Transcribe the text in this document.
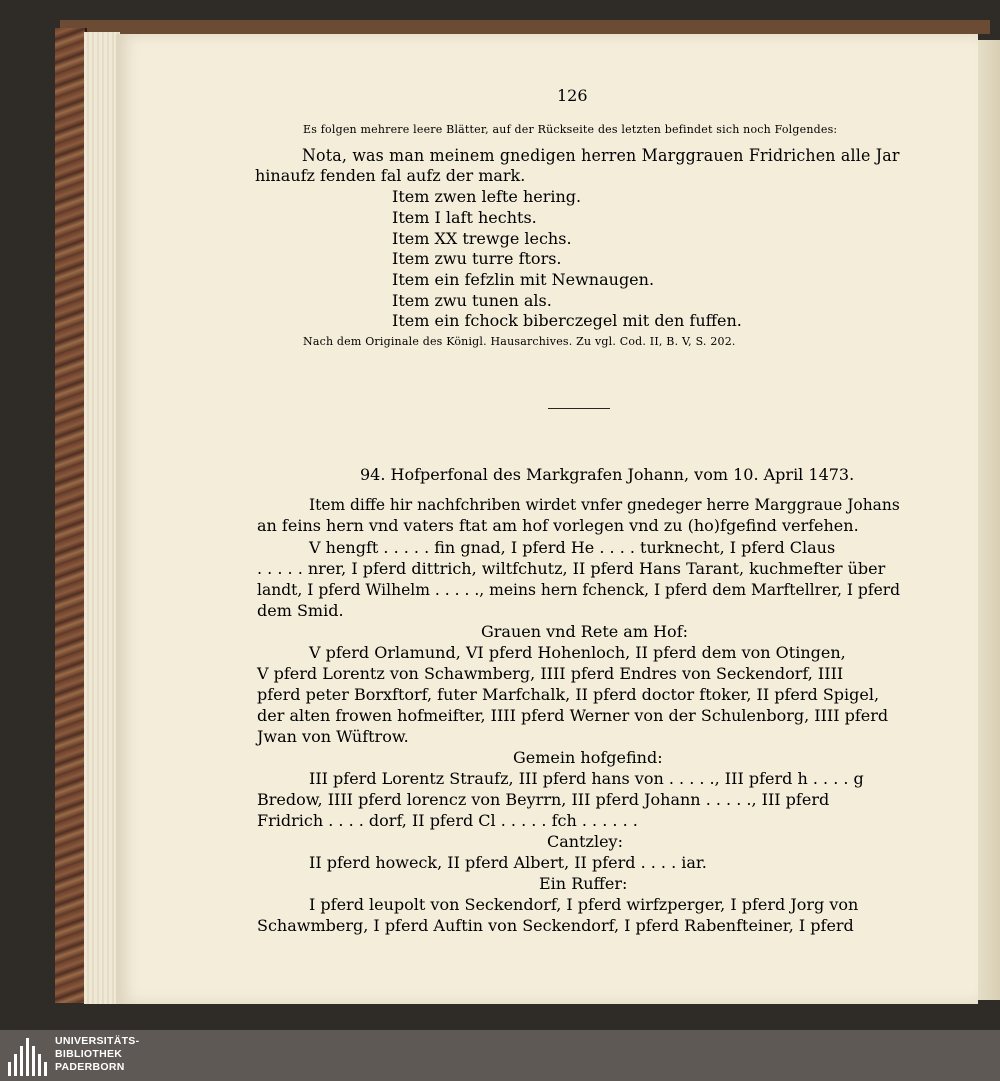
126
Es folgen mehrere leere Blätter, auf der Rückseite des letzten befindet sich noch Folgendes:
Nota, was man meinem gnedigen herren Marggrauen Fridrichen alle Jar
hinaufz fenden fal aufz der mark.
Item zwen lefte hering.
Item I laft hechts.
Item XX trewge lechs.
Item zwu turre ftors.
Item ein fefzlin mit Newnaugen.
Item zwu tunen als.
Item ein fchock biberczegel mit den fuffen.
Nach dem Originale des Königl. Hausarchives. Zu vgl. Cod. II, B. V, S. 202.
94. Hofperfonal des Markgrafen Johann, vom 10. April 1473.
Item diffe hir nachfchriben wirdet vnfer gnedeger herre Marggraue Johans
an feins hern vnd vaters ftat am hof vorlegen vnd zu (ho)fgefind verfehen.
V hengft . . . . . fin gnad, I pferd He . . . . turknecht, I pferd Claus
. . . . . nrer, I pferd dittrich, wiltfchutz, II pferd Hans Tarant, kuchmefter über
landt, I pferd Wilhelm . . . . ., meins hern fchenck, I pferd dem Marftellrer, I pferd
dem Smid.
Grauen vnd Rete am Hof:
V pferd Orlamund, VI pferd Hohenloch, II pferd dem von Otingen,
V pferd Lorentz von Schawmberg, IIII pferd Endres von Seckendorf, IIII
pferd peter Borxftorf, futer Marfchalk, II pferd doctor ftoker, II pferd Spigel,
der alten frowen hofmeifter, IIII pferd Werner von der Schulenborg, IIII pferd
Jwan von Wüftrow.
Gemein hofgefind:
III pferd Lorentz Straufz, III pferd hans von . . . . ., III pferd h . . . . g
Bredow, IIII pferd lorencz von Beyrrn, III pferd Johann . . . . ., III pferd
Fridrich . . . . dorf, II pferd Cl . . . . . fch . . . . . .
Cantzley:
II pferd howeck, II pferd Albert, II pferd . . . . iar.
Ein Ruffer:
I pferd leupolt von Seckendorf, I pferd wirfzperger, I pferd Jorg von
Schawmberg, I pferd Auftin von Seckendorf, I pferd Rabenfteiner, I pferd
UNIVERSITÄTS-
BIBLIOTHEK
PADERBORN
